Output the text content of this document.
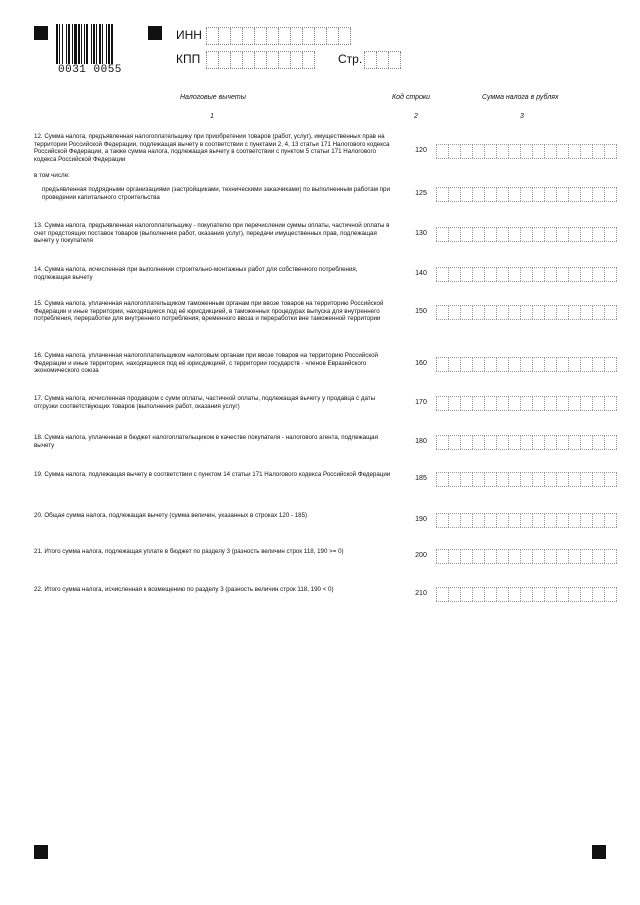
0031 0055
ИНН
КПП	Стр.
Налоговые вычеты	Код строки	Сумма налога в рублях
1	2	3
12. Сумма налога, предъявленная налогоплательщику при приобретении товаров (работ, услуг), имущественных прав на территории Российской Федерации, подлежащая вычету в соответствии с пунктами 2, 4, 13 статьи 171 Налогового кодекса Российской Федерации, а также сумма налога, подлежащая вычету в соответствии с пунктом 5 статьи 171 Налогового кодекса Российской Федерации
120
предъявленная подрядными организациями (застройщиками, техническими заказчиками) по выполненным работам при проведении капитального строительства
125
13. Сумма налога, предъявленная налогоплательщику - покупателю при перечислении суммы оплаты, частичной оплаты в счет предстоящих поставок товаров (выполнения работ, оказания услуг), передачи имущественных прав, подлежащая вычету у покупателя
130
14. Сумма налога, исчисленная при выполнении строительно-монтажных работ для собственного потребления, подлежащая вычету
140
15. Сумма налога, уплаченная налогоплательщиком таможенным органам при ввозе товаров на территорию Российской Федерации и иные территории, находящиеся под её юрисдикцией, в таможенных процедурах выпуска для внутреннего потребления, переработки для внутреннего потребления, временного ввоза и переработки вне таможенной территории
150
16. Сумма налога, уплаченная налогоплательщиком налоговым органам при ввозе товаров на территорию Российской Федерации и иные территории, находящиеся под её юрисдикцией, с территории государств - членов Евразийского экономического союза
160
17. Сумма налога, исчисленная продавцом с сумм оплаты, частичной оплаты, подлежащая вычету у продавца с даты отгрузки соответствующих товаров (выполнения работ, оказания услуг)
170
18. Сумма налога, уплаченная в бюджет налогоплательщиком в качестве покупателя - налогового агента, подлежащая вычету
180
19. Сумма налога, подлежащая вычету в соответствии с пунктом 14 статьи 171 Налогового кодекса Российской Федерации
185
20. Общая сумма налога, подлежащая вычету (сумма величин, указанных в строках 120 - 185)
190
21. Итого сумма налога, подлежащая уплате в бюджет по разделу 3 (разность величин строк 118, 190 >= 0)
200
22. Итого сумма налога, исчисленная к возмещению по разделу 3 (разность величин строк 118, 190 < 0)
210
в том числе:
